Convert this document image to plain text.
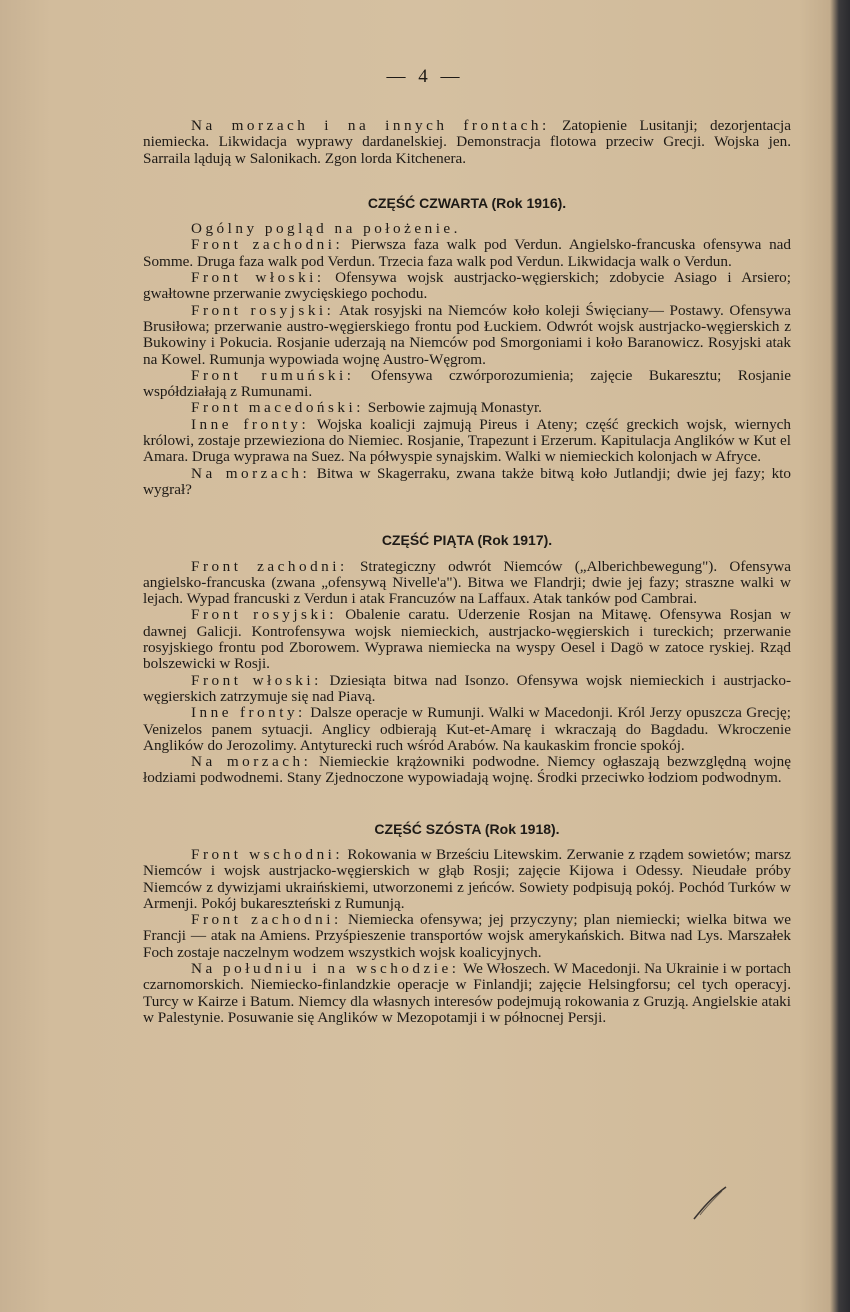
— 4 —

Na morzach i na innych frontach: Zatopienie Lusitanji; dezorjentacja niemiecka. Likwidacja wyprawy dardanelskiej. Demonstracja flotowa przeciw Grecji. Wojska jen. Sarraila lądują w Salonikach. Zgon lorda Kitchenera.

CZĘŚĆ CZWARTA (Rok 1916).

Ogólny pogląd na położenie.

Front zachodni: Pierwsza faza walk pod Verdun. Angielsko-francuska ofensywa nad Somme. Druga faza walk pod Verdun. Trzecia faza walk pod Verdun. Likwidacja walk o Verdun.

Front włoski: Ofensywa wojsk austrjacko-węgierskich; zdobycie Asiago i Arsiero; gwałtowne przerwanie zwycięskiego pochodu.

Front rosyjski: Atak rosyjski na Niemców koło koleji Święciany— Postawy. Ofensywa Brusiłowa; przerwanie austro-węgierskiego frontu pod Łuckiem. Odwrót wojsk austrjacko-węgierskich z Bukowiny i Pokucia. Rosjanie uderzają na Niemców pod Smorgoniami i koło Baranowicz. Rosyjski atak na Kowel. Rumunja wypowiada wojnę Austro-Węgrom.

Front rumuński: Ofensywa czwórporozumienia; zajęcie Bukaresztu; Rosjanie współdziałają z Rumunami.

Front macedoński: Serbowie zajmują Monastyr.

Inne fronty: Wojska koalicji zajmują Pireus i Ateny; część greckich wojsk, wiernych królowi, zostaje przewieziona do Niemiec. Rosjanie, Trapezunt i Erzerum. Kapitulacja Anglików w Kut el Amara. Druga wyprawa na Suez. Na półwyspie synajskim. Walki w niemieckich kolonjach w Afryce.

Na morzach: Bitwa w Skagerraku, zwana także bitwą koło Jutlandji; dwie jej fazy; kto wygrał?

CZĘŚĆ PIĄTA (Rok 1917).

Front zachodni: Strategiczny odwrót Niemców („Alberichbewegung"). Ofensywa angielsko-francuska (zwana „ofensywą Nivelle'a"). Bitwa we Flandrji; dwie jej fazy; straszne walki w lejach. Wypad francuski z Verdun i atak Francuzów na Laffaux. Atak tanków pod Cambrai.

Front rosyjski: Obalenie caratu. Uderzenie Rosjan na Mitawę. Ofensywa Rosjan w dawnej Galicji. Kontrofensywa wojsk niemieckich, austrjacko-węgierskich i tureckich; przerwanie rosyjskiego frontu pod Zborowem. Wyprawa niemiecka na wyspy Oesel i Dagö w zatoce ryskiej. Rząd bolszewicki w Rosji.

Front włoski: Dziesiąta bitwa nad Isonzo. Ofensywa wojsk niemieckich i austrjacko-węgierskich zatrzymuje się nad Piavą.

Inne fronty: Dalsze operacje w Rumunji. Walki w Macedonji. Król Jerzy opuszcza Grecję; Venizelos panem sytuacji. Anglicy odbierają Kut-et-Amarę i wkraczają do Bagdadu. Wkroczenie Anglików do Jerozolimy. Antyturecki ruch wśród Arabów. Na kaukaskim froncie spokój.

Na morzach: Niemieckie krążowniki podwodne. Niemcy ogłaszają bezwzględną wojnę łodziami podwodnemi. Stany Zjednoczone wypowiadają wojnę. Środki przeciwko łodziom podwodnym.

CZĘŚĆ SZÓSTA (Rok 1918).

Front wschodni: Rokowania w Brześciu Litewskim. Zerwanie z rządem sowietów; marsz Niemców i wojsk austrjacko-węgierskich w głąb Rosji; zajęcie Kijowa i Odessy. Nieudałe próby Niemców z dywizjami ukraińskiemi, utworzonemi z jeńców. Sowiety podpisują pokój. Pochód Turków w Armenji. Pokój bukareszteński z Rumunją.

Front zachodni: Niemiecka ofensywa; jej przyczyny; plan niemiecki; wielka bitwa we Francji — atak na Amiens. Przyśpieszenie transportów wojsk amerykańskich. Bitwa nad Lys. Marszałek Foch zostaje naczelnym wodzem wszystkich wojsk koalicyjnych.

Na południu i na wschodzie: We Włoszech. W Macedonji. Na Ukrainie i w portach czarnomorskich. Niemiecko-finlandzkie operacje w Finlandji; zajęcie Helsingforsu; cel tych operacyj. Turcy w Kairze i Batum. Niemcy dla własnych interesów podejmują rokowania z Gruzją. Angielskie ataki w Palestynie. Posuwanie się Anglików w Mezopotamji i w północnej Persji.
